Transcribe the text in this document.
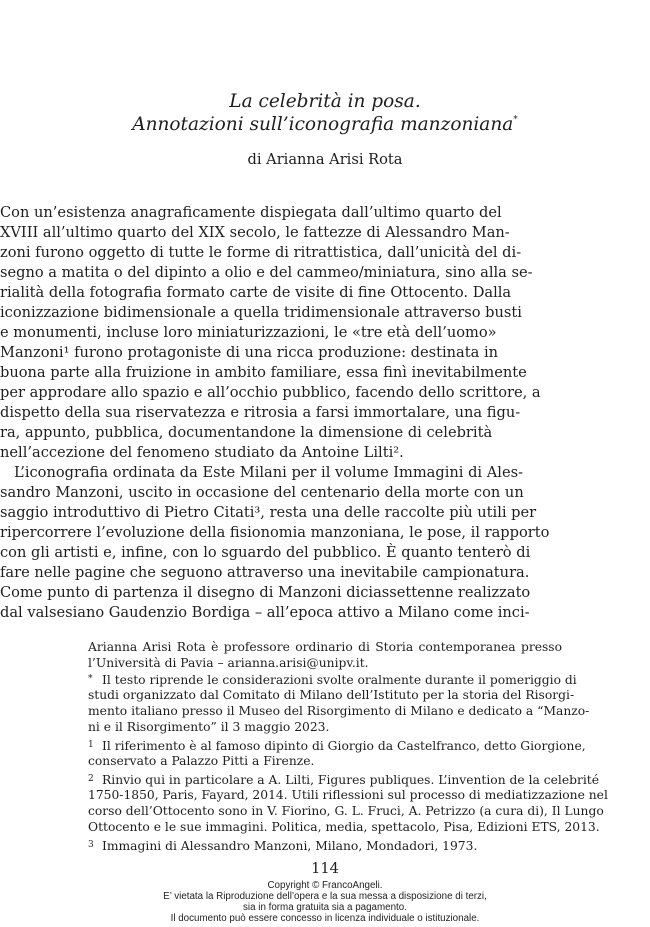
La celebrità in posa.
Annotazioni sull’iconografia manzoniana*
di Arianna Arisi Rota
Con un’esistenza anagraficamente dispiegata dall’ultimo quarto del
XVIII all’ultimo quarto del XIX secolo, le fattezze di Alessandro Man-
zoni furono oggetto di tutte le forme di ritrattistica, dall’unicità del di-
segno a matita o del dipinto a olio e del cammeo/miniatura, sino alla se-
rialità della fotografia formato carte de visite di fine Ottocento. Dalla
iconizzazione bidimensionale a quella tridimensionale attraverso busti
e monumenti, incluse loro miniaturizzazioni, le «tre età dell’uomo»
Manzoni¹ furono protagoniste di una ricca produzione: destinata in
buona parte alla fruizione in ambito familiare, essa finì inevitabilmente
per approdare allo spazio e all’occhio pubblico, facendo dello scrittore, a
dispetto della sua riservatezza e ritrosia a farsi immortalare, una figu-
ra, appunto, pubblica, documentandone la dimensione di celebrità
nell’accezione del fenomeno studiato da Antoine Lilti².
L’iconografia ordinata da Este Milani per il volume Immagini di Ales-
sandro Manzoni, uscito in occasione del centenario della morte con un
saggio introduttivo di Pietro Citati³, resta una delle raccolte più utili per
ripercorrere l’evoluzione della fisionomia manzoniana, le pose, il rapporto
con gli artisti e, infine, con lo sguardo del pubblico. È quanto tenterò di
fare nelle pagine che seguono attraverso una inevitabile campionatura.
Come punto di partenza il disegno di Manzoni diciassettenne realizzato
dal valsesiano Gaudenzio Bordiga – all’epoca attivo a Milano come inci-
Arianna Arisi Rota è professore ordinario di Storia contemporanea presso
l’Università di Pavia – arianna.arisi@unipv.it.
* Il testo riprende le considerazioni svolte oralmente durante il pomeriggio di
studi organizzato dal Comitato di Milano dell’Istituto per la storia del Risorgi-
mento italiano presso il Museo del Risorgimento di Milano e dedicato a “Manzo-
ni e il Risorgimento” il 3 maggio 2023.
1 Il riferimento è al famoso dipinto di Giorgio da Castelfranco, detto Giorgione,
conservato a Palazzo Pitti a Firenze.
2 Rinvio qui in particolare a A. Lilti, Figures publiques. L’invention de la celebrité
1750-1850, Paris, Fayard, 2014. Utili riflessioni sul processo di mediatizzazione nel
corso dell’Ottocento sono in V. Fiorino, G. L. Fruci, A. Petrizzo (a cura di), Il Lungo
Ottocento e le sue immagini. Politica, media, spettacolo, Pisa, Edizioni ETS, 2013.
3 Immagini di Alessandro Manzoni, Milano, Mondadori, 1973.
114
Copyright © FrancoAngeli.
E’ vietata la Riproduzione dell’opera e la sua messa a disposizione di terzi,
sia in forma gratuita sia a pagamento.
Il documento può essere concesso in licenza individuale o istituzionale.
